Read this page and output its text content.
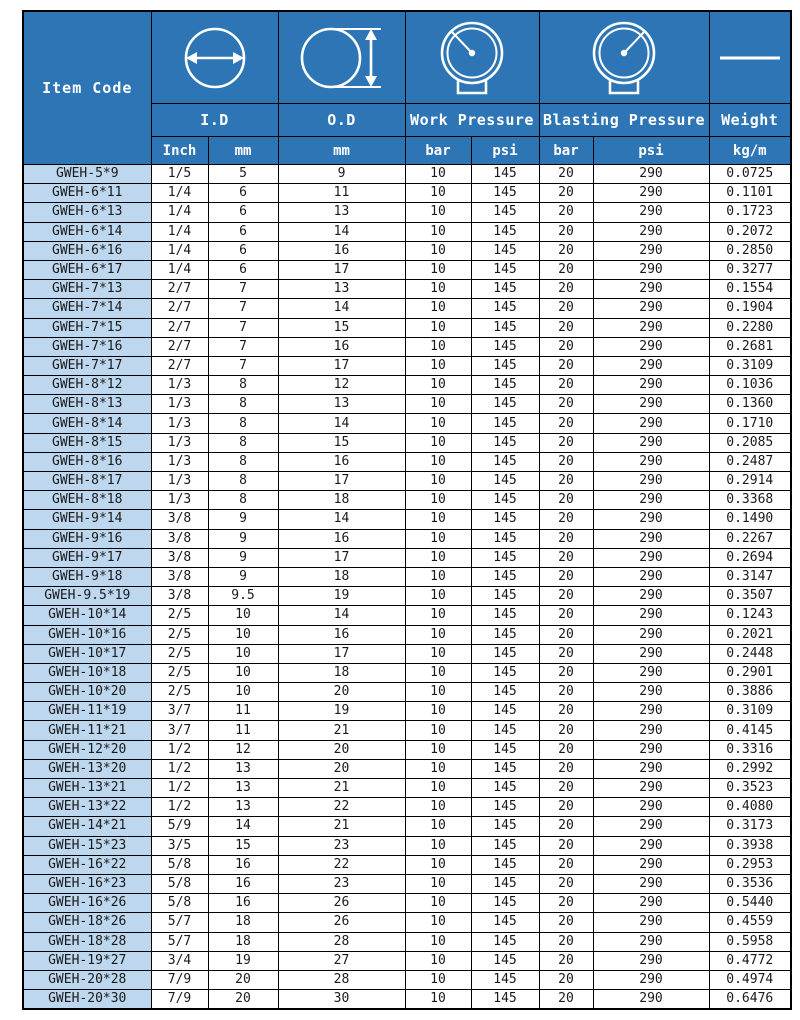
Item Code	

	I.D		O.D	Work Pressure		Blasting Pressure		Weight
	Inch	mm	mm	bar	psi	bar	psi	kg/m
GWEH-5*9	1/5	5	9	10	145	20	290	0.0725
GWEH-6*11	1/4	6	11	10	145	20	290	0.1101
GWEH-6*13	1/4	6	13	10	145	20	290	0.1723
GWEH-6*14	1/4	6	14	10	145	20	290	0.2072
GWEH-6*16	1/4	6	16	10	145	20	290	0.2850
GWEH-6*17	1/4	6	17	10	145	20	290	0.3277
GWEH-7*13	2/7	7	13	10	145	20	290	0.1554
GWEH-7*14	2/7	7	14	10	145	20	290	0.1904
GWEH-7*15	2/7	7	15	10	145	20	290	0.2280
GWEH-7*16	2/7	7	16	10	145	20	290	0.2681
GWEH-7*17	2/7	7	17	10	145	20	290	0.3109
GWEH-8*12	1/3	8	12	10	145	20	290	0.1036
GWEH-8*13	1/3	8	13	10	145	20	290	0.1360
GWEH-8*14	1/3	8	14	10	145	20	290	0.1710
GWEH-8*15	1/3	8	15	10	145	20	290	0.2085
GWEH-8*16	1/3	8	16	10	145	20	290	0.2487
GWEH-8*17	1/3	8	17	10	145	20	290	0.2914
GWEH-8*18	1/3	8	18	10	145	20	290	0.3368
GWEH-9*14	3/8	9	14	10	145	20	290	0.1490
GWEH-9*16	3/8	9	16	10	145	20	290	0.2267
GWEH-9*17	3/8	9	17	10	145	20	290	0.2694
GWEH-9*18	3/8	9	18	10	145	20	290	0.3147
GWEH-9.5*19	3/8	9.5	19	10	145	20	290	0.3507
GWEH-10*14	2/5	10	14	10	145	20	290	0.1243
GWEH-10*16	2/5	10	16	10	145	20	290	0.2021
GWEH-10*17	2/5	10	17	10	145	20	290	0.2448
GWEH-10*18	2/5	10	18	10	145	20	290	0.2901
GWEH-10*20	2/5	10	20	10	145	20	290	0.3886
GWEH-11*19	3/7	11	19	10	145	20	290	0.3109
GWEH-11*21	3/7	11	21	10	145	20	290	0.4145
GWEH-12*20	1/2	12	20	10	145	20	290	0.3316
GWEH-13*20	1/2	13	20	10	145	20	290	0.2992
GWEH-13*21	1/2	13	21	10	145	20	290	0.3523
GWEH-13*22	1/2	13	22	10	145	20	290	0.4080
GWEH-14*21	5/9	14	21	10	145	20	290	0.3173
GWEH-15*23	3/5	15	23	10	145	20	290	0.3938
GWEH-16*22	5/8	16	22	10	145	20	290	0.2953
GWEH-16*23	5/8	16	23	10	145	20	290	0.3536
GWEH-16*26	5/8	16	26	10	145	20	290	0.5440
GWEH-18*26	5/7	18	26	10	145	20	290	0.4559
GWEH-18*28	5/7	18	28	10	145	20	290	0.5958
GWEH-19*27	3/4	19	27	10	145	20	290	0.4772
GWEH-20*28	7/9	20	28	10	145	20	290	0.4974
GWEH-20*30	7/9	20	30	10	145	20	290	0.6476
